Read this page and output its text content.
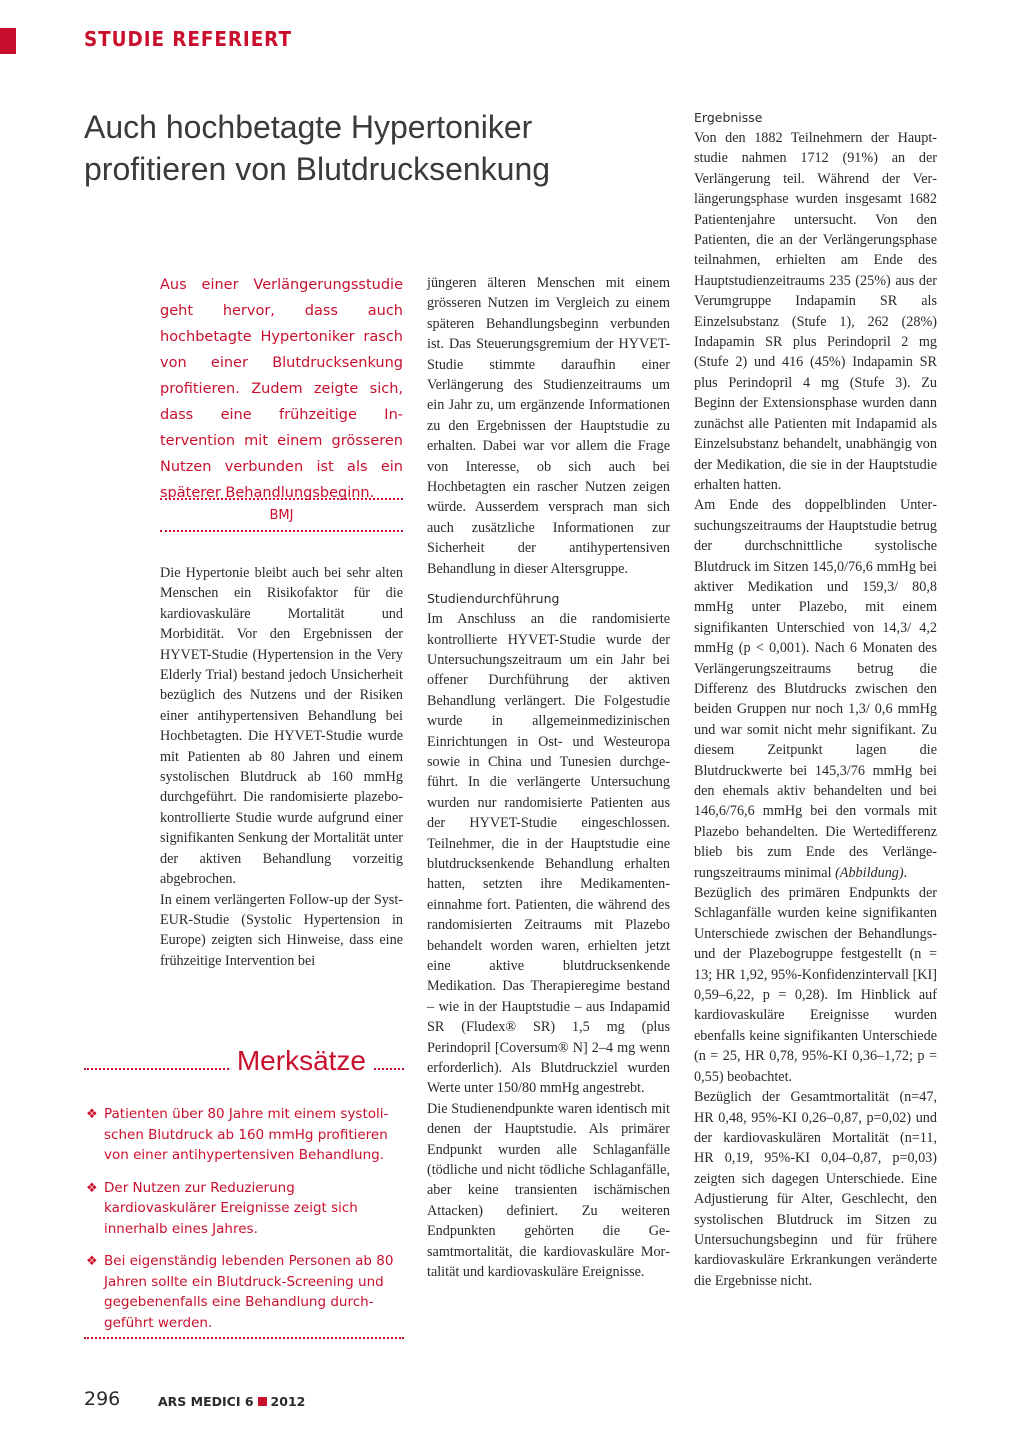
STUDIE REFERIERT
Auch hochbetagte Hypertoniker
profitieren von Blutdrucksenkung

Aus einer Verlängerungsstudie geht hervor, dass auch hochbetagte Hypertoniker rasch von einer Blutdrucksenkung profitieren. Zudem zeigte sich, dass eine frühzeitige Intervention mit einem grösseren Nutzen verbunden ist als ein späterer Behandlungsbeginn.

BMJ

Die Hypertonie bleibt auch bei sehr alten Menschen ein Risikofaktor für die kardiovaskuläre Mortalität und Morbidität. Vor den Ergebnissen der HYVET-Studie (Hypertension in the Very Elderly Trial) bestand jedoch Unsicherheit bezüglich des Nutzens und der Risiken einer antihypertensiven Behandlung bei Hochbetagten. Die HYVET-Studie wurde mit Patienten ab 80 Jahren und einem systolischen Blutdruck ab 160 mmHg durchgeführt. Die randomisierte plazebokontrollierte Studie wurde aufgrund einer signifikanten Senkung der Mortalität unter der aktiven Behandlung vorzeitig abgebrochen.

In einem verlängerten Follow-up der Syst-EUR-Studie (Systolic Hypertension in Europe) zeigten sich Hinweise, dass eine frühzeitige Intervention bei

jüngeren älteren Menschen mit einem grösseren Nutzen im Vergleich zu einem späteren Behandlungsbeginn verbunden ist. Das Steuerungsgremium der HYVET-Studie stimmte daraufhin einer Verlängerung des Studienzeitraums um ein Jahr zu, um ergänzende Informationen zu den Ergebnissen der Hauptstudie zu erhalten. Dabei war vor allem die Frage von Interesse, ob sich auch bei Hochbetagten ein rascher Nutzen zeigen würde. Ausserdem versprach man sich auch zusätzliche Informationen zur Sicherheit der antihypertensiven Behandlung in dieser Altersgruppe.

Studiendurchführung

Im Anschluss an die randomisierte kontrollierte HYVET-Studie wurde der Untersuchungszeitraum um ein Jahr bei offener Durchführung der aktiven Behandlung verlängert. Die Folgestudie wurde in allgemeinmedizinischen Einrichtungen in Ost- und Westeuropa sowie in China und Tunesien durchgeführt. In die verlängerte Untersuchung wurden nur randomisierte Patienten aus der HYVET-Studie eingeschlossen. Teilnehmer, die in der Hauptstudie eine blutdrucksenkende Behandlung erhalten hatten, setzten ihre Medikamenteneinnahme fort. Patienten, die während des randomisierten Zeitraums mit Plazebo behandelt worden waren, erhielten jetzt eine aktive blutdrucksenkende Medikation. Das Therapieregime bestand – wie in der Hauptstudie – aus Indapamid SR (Fludex® SR) 1,5 mg (plus Perindopril [Coversum® N] 2–4 mg wenn erforderlich). Als Blutdruckziel wurden Werte unter 150/80 mmHg angestrebt.

Die Studienendpunkte waren identisch mit denen der Hauptstudie. Als primärer Endpunkt wurden alle Schlaganfälle (tödliche und nicht tödliche Schlaganfälle, aber keine transienten ischämischen Attacken) definiert. Zu weiteren Endpunkten gehörten die Gesamtmortalität, die kardiovaskuläre Mortalität und kardiovaskuläre Ereignisse.

Ergebnisse

Von den 1882 Teilnehmern der Hauptstudie nahmen 1712 (91%) an der Verlängerung teil. Während der Verlängerungsphase wurden insgesamt 1682 Patientenjahre untersucht. Von den Patienten, die an der Verlängerungsphase teilnahmen, erhielten am Ende des Hauptstudienzeitraums 235 (25%) aus der Verumgruppe Indapamin SR als Einzelsubstanz (Stufe 1), 262 (28%) Indapamin SR plus Perindopril 2 mg (Stufe 2) und 416 (45%) Indapamin SR plus Perindopril 4 mg (Stufe 3). Zu Beginn der Extensionsphase wurden dann zunächst alle Patienten mit Indapamid als Einzelsubstanz behandelt, unabhängig von der Medikation, die sie in der Hauptstudie erhalten hatten.

Am Ende des doppelblinden Untersuchungszeitraums der Hauptstudie betrug der durchschnittliche systolische Blutdruck im Sitzen 145,0/76,6 mmHg bei aktiver Medikation und 159,3/ 80,8 mmHg unter Plazebo, mit einem signifikanten Unterschied von 14,3/ 4,2 mmHg (p < 0,001). Nach 6 Monaten des Verlängerungszeitraums betrug die Differenz des Blutdrucks zwischen den beiden Gruppen nur noch 1,3/ 0,6 mmHg und war somit nicht mehr signifikant. Zu diesem Zeitpunkt lagen die Blutdruckwerte bei 145,3/76 mmHg bei den ehemals aktiv behandelten und bei 146,6/76,6 mmHg bei den vormals mit Plazebo behandelten. Die Wertedifferenz blieb bis zum Ende des Verlängerungszeitraums minimal (Abbildung).

Bezüglich des primären Endpunkts der Schlaganfälle wurden keine signifikanten Unterschiede zwischen der Behandlungs- und der Plazebogruppe festgestellt (n = 13; HR 1,92, 95%-Konfidenzintervall [KI] 0,59–6,22, p = 0,28). Im Hinblick auf kardiovaskuläre Ereignisse wurden ebenfalls keine signifikanten Unterschiede (n = 25, HR 0,78, 95%-KI 0,36–1,72; p = 0,55) beobachtet.

Bezüglich der Gesamtmortalität (n=47, HR 0,48, 95%-KI 0,26–0,87, p=0,02) und der kardiovaskulären Mortalität (n=11, HR 0,19, 95%-KI 0,04–0,87, p=0,03) zeigten sich dagegen Unterschiede. Eine Adjustierung für Alter, Geschlecht, den systolischen Blutdruck im Sitzen zu Untersuchungsbeginn und für frühere kardiovaskuläre Erkrankungen veränderte die Ergebnisse nicht.

Merksätze
❖ Patienten über 80 Jahre mit einem systolischen Blutdruck ab 160 mmHg profitieren von einer antihypertensiven Behandlung.
❖ Der Nutzen zur Reduzierung kardiovaskulärer Ereignisse zeigt sich innerhalb eines Jahres.
❖ Bei eigenständig lebenden Personen ab 80 Jahren sollte ein Blutdruck-Screening und gegebenenfalls eine Behandlung durchgeführt werden.
296	ARS MEDICI 6 2012
